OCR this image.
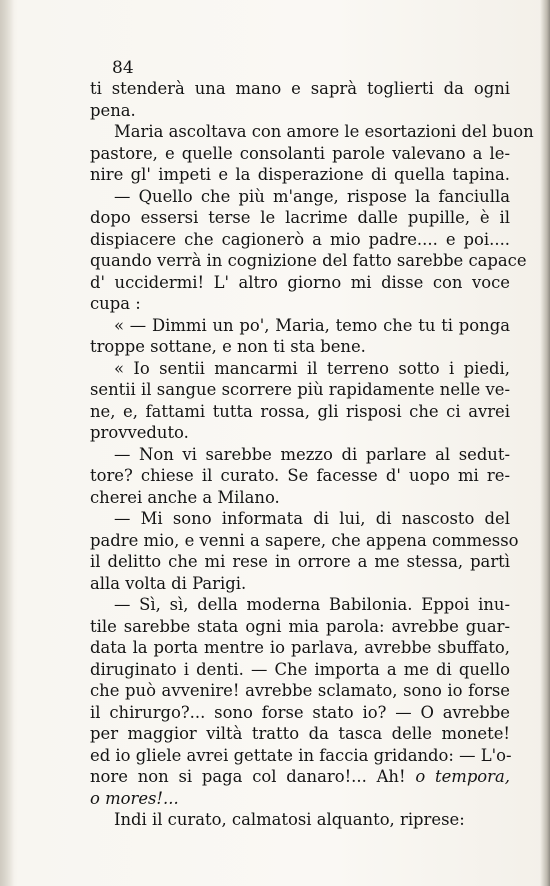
84
ti stenderà una mano e saprà toglierti da ogni
pena.
Maria ascoltava con amore le esortazioni del buon
pastore, e quelle consolanti parole valevano a le-
nire gl' impeti e la disperazione di quella tapina.
— Quello che più m'ange, rispose la fanciulla
dopo essersi terse le lacrime dalle pupille, è il
dispiacere che cagionerò a mio padre.... e poi....
quando verrà in cognizione del fatto sarebbe capace
d' uccidermi! L' altro giorno mi disse con voce
cupa :
« — Dimmi un po', Maria, temo che tu ti ponga
troppe sottane, e non ti sta bene.
« Io sentii mancarmi il terreno sotto i piedi,
sentii il sangue scorrere più rapidamente nelle ve-
ne, e, fattami tutta rossa, gli risposi che ci avrei
provveduto.
— Non vi sarebbe mezzo di parlare al sedut-
tore? chiese il curato. Se facesse d' uopo mi re-
cherei anche a Milano.
— Mi sono informata di lui, di nascosto del
padre mio, e venni a sapere, che appena commesso
il delitto che mi rese in orrore a me stessa, partì
alla volta di Parigi.
— Sì, sì, della moderna Babilonia. Eppoi inu-
tile sarebbe stata ogni mia parola: avrebbe guar-
data la porta mentre io parlava, avrebbe sbuffato,
diruginato i denti. — Che importa a me di quello
che può avvenire! avrebbe sclamato, sono io forse
il chirurgo?... sono forse stato io? — O avrebbe
per maggior viltà tratto da tasca delle monete!
ed io gliele avrei gettate in faccia gridando: — L'o-
nore non si paga col danaro!... Ah! o tempora,
o mores!...
Indi il curato, calmatosi alquanto, riprese:
